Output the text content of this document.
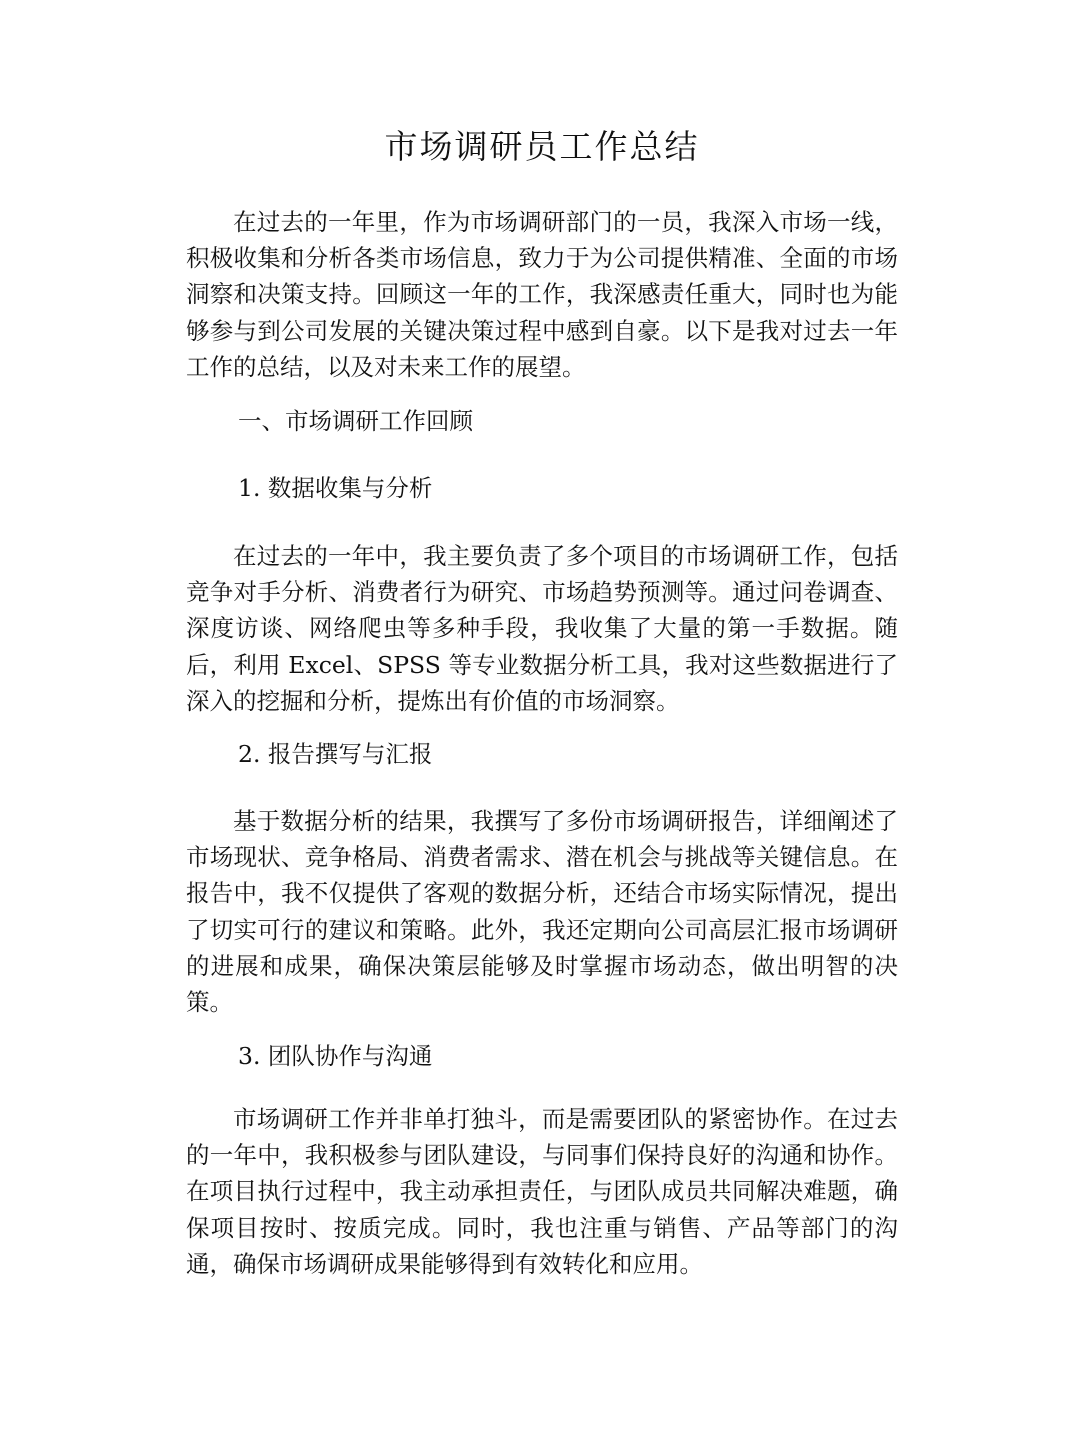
市场调研员工作总结

在过去的一年里，作为市场调研部门的一员，我深入市场一线，积极收集和分析各类市场信息，致力于为公司提供精准、全面的市场洞察和决策支持。回顾这一年的工作，我深感责任重大，同时也为能够参与到公司发展的关键决策过程中感到自豪。以下是我对过去一年工作的总结，以及对未来工作的展望。

一、市场调研工作回顾

1. 数据收集与分析

在过去的一年中，我主要负责了多个项目的市场调研工作，包括竞争对手分析、消费者行为研究、市场趋势预测等。通过问卷调查、深度访谈、网络爬虫等多种手段，我收集了大量的第一手数据。随后，利用 Excel、SPSS 等专业数据分析工具，我对这些数据进行了深入的挖掘和分析，提炼出有价值的市场洞察。

2. 报告撰写与汇报

基于数据分析的结果，我撰写了多份市场调研报告，详细阐述了市场现状、竞争格局、消费者需求、潜在机会与挑战等关键信息。在报告中，我不仅提供了客观的数据分析，还结合市场实际情况，提出了切实可行的建议和策略。此外，我还定期向公司高层汇报市场调研的进展和成果，确保决策层能够及时掌握市场动态，做出明智的决策。

3. 团队协作与沟通

市场调研工作并非单打独斗，而是需要团队的紧密协作。在过去的一年中，我积极参与团队建设，与同事们保持良好的沟通和协作。在项目执行过程中，我主动承担责任，与团队成员共同解决难题，确保项目按时、按质完成。同时，我也注重与销售、产品等部门的沟通，确保市场调研成果能够得到有效转化和应用。
